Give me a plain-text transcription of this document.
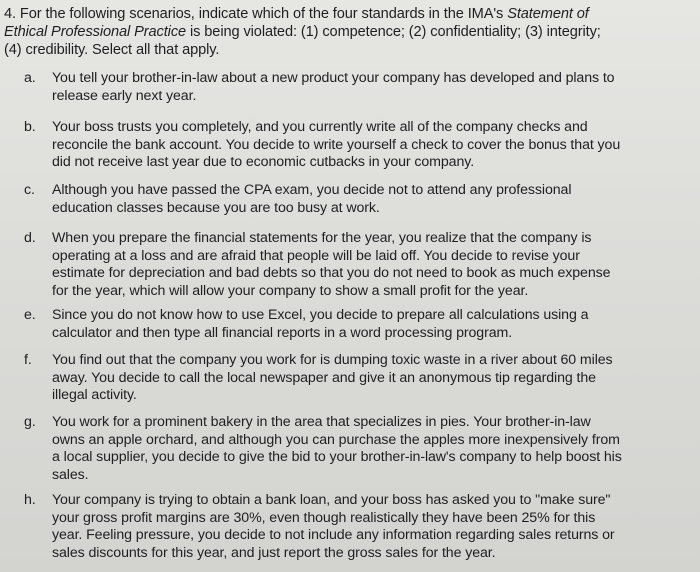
4. For the following scenarios, indicate which of the four standards in the IMA's Statement of Ethical Professional Practice is being violated: (1) competence; (2) confidentiality; (3) integrity; (4) credibility. Select all that apply.
a.	You tell your brother-in-law about a new product your company has developed and plans to release early next year.
b.	Your boss trusts you completely, and you currently write all of the company checks and reconcile the bank account. You decide to write yourself a check to cover the bonus that you did not receive last year due to economic cutbacks in your company.
c.	Although you have passed the CPA exam, you decide not to attend any professional education classes because you are too busy at work.
d.	When you prepare the financial statements for the year, you realize that the company is operating at a loss and are afraid that people will be laid off. You decide to revise your estimate for depreciation and bad debts so that you do not need to book as much expense for the year, which will allow your company to show a small profit for the year.
e.	Since you do not know how to use Excel, you decide to prepare all calculations using a calculator and then type all financial reports in a word processing program.
f.	You find out that the company you work for is dumping toxic waste in a river about 60 miles away. You decide to call the local newspaper and give it an anonymous tip regarding the illegal activity.
g.	You work for a prominent bakery in the area that specializes in pies. Your brother-in-law owns an apple orchard, and although you can purchase the apples more inexpensively from a local supplier, you decide to give the bid to your brother-in-law's company to help boost his sales.
h.	Your company is trying to obtain a bank loan, and your boss has asked you to "make sure" your gross profit margins are 30%, even though realistically they have been 25% for this year. Feeling pressure, you decide to not include any information regarding sales returns or sales discounts for this year, and just report the gross sales for the year.
